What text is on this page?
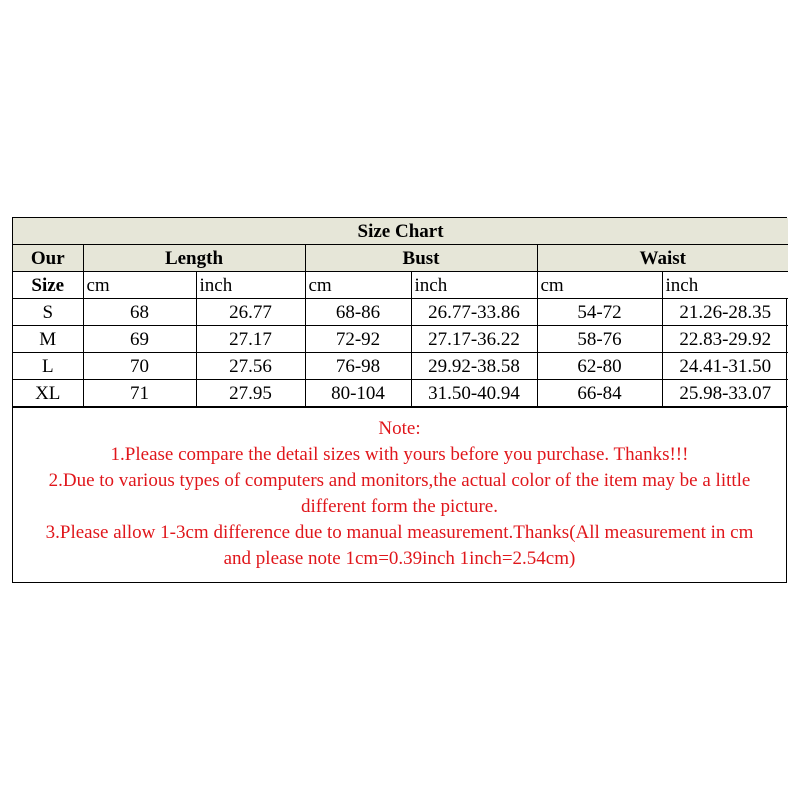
Size Chart						
Our	Length		Bust		Waist	
Size	cm	inch	cm	inch	cm	inch
S	68	26.77	68-86	26.77-33.86	54-72	21.26-28.35
M	69	27.17	72-92	27.17-36.22	58-76	22.83-29.92
L	70	27.56	76-98	29.92-38.58	62-80	24.41-31.50
XL	71	27.95	80-104	31.50-40.94	66-84	25.98-33.07
Note:
1.Please compare the detail sizes with yours before you purchase. Thanks!!!
2.Due to various types of computers and monitors,the actual color of the item may be a little
different form the picture.
3.Please allow 1-3cm difference due to manual measurement.Thanks(All measurement in cm
and please note 1cm=0.39inch 1inch=2.54cm)
